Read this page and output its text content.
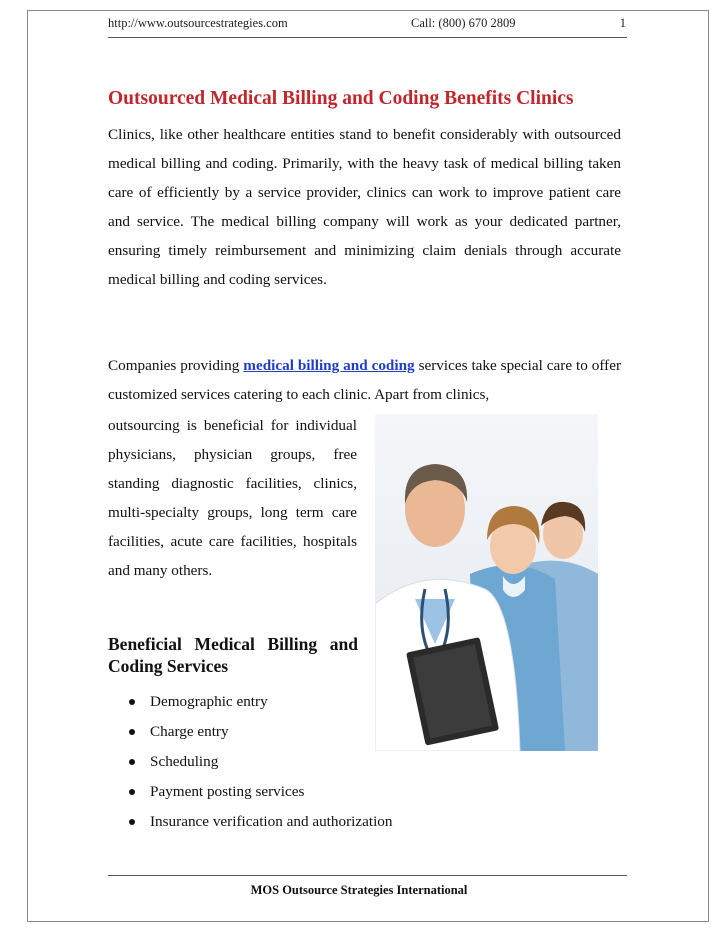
http://www.outsourcestrategies.com	Call: (800) 670 2809	1
Outsourced Medical Billing and Coding Benefits Clinics

Clinics, like other healthcare entities stand to benefit considerably with outsourced medical billing and coding. Primarily, with the heavy task of medical billing taken care of efficiently by a service provider, clinics can work to improve patient care and service. The medical billing company will work as your dedicated partner, ensuring timely reimbursement and minimizing claim denials through accurate medical billing and coding services.

Companies providing medical billing and coding services take special care to offer customized services catering to each clinic. Apart from clinics,

outsourcing is beneficial for individual physicians, physician groups, free standing diagnostic facilities, clinics, multi-specialty groups, long term care facilities, acute care facilities, hospitals and many others.

Beneficial Medical Billing and Coding Services
Demographic entry
Charge entry
Scheduling
Payment posting services
Insurance verification and authorization
MOS Outsource Strategies International
